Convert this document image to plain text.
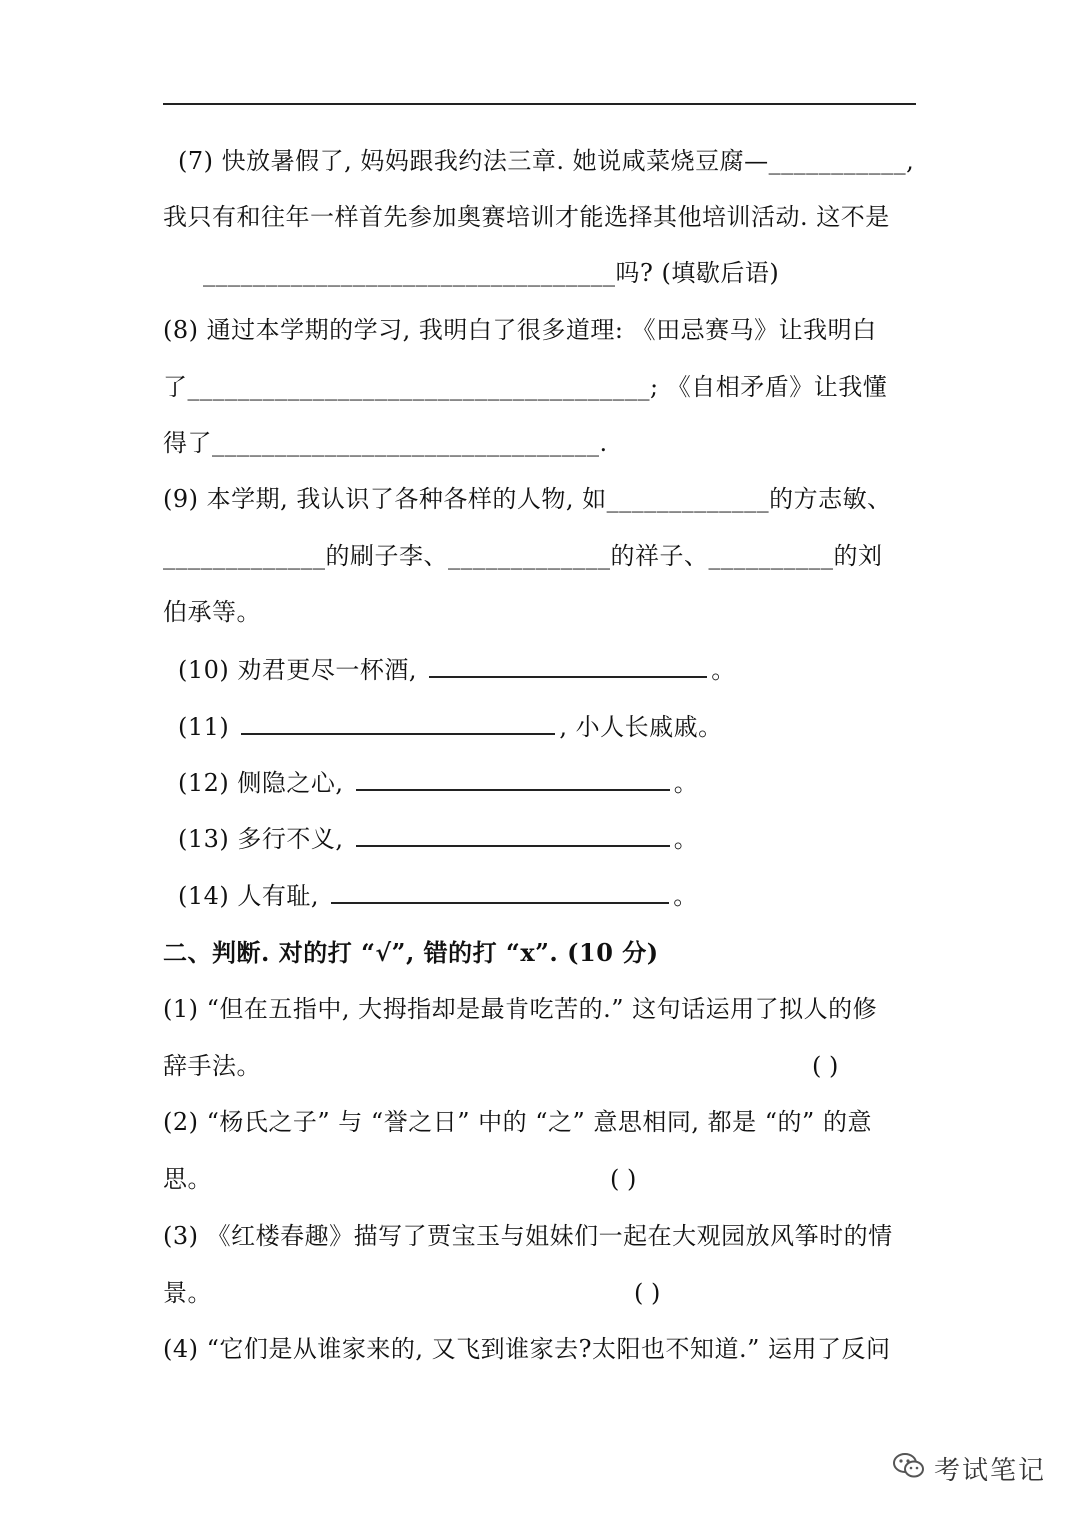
(7) 快放暑假了, 妈妈跟我约法三章. 她说咸菜烧豆腐—___________,
我只有和往年一样首先参加奥赛培训才能选择其他培训活动. 这不是
_________________________________吗? (填歇后语)
(8) 通过本学期的学习, 我明白了很多道理: 《田忌赛马》让我明白
了_____________________________________; 《自相矛盾》让我懂
得了_______________________________.
(9) 本学期, 我认识了各种各样的人物, 如_____________的方志敏、
_____________的刷子李、_____________的祥子、__________的刘
伯承等。
(10) 劝君更尽一杯酒,	。
(11)	, 小人长戚戚。
(12) 侧隐之心,	。
(13) 多行不义,	。
(14) 人有耻,	。
二、判断. 对的打 “√”, 错的打 “x”. (10 分)
(1) “但在五指中, 大拇指却是最肯吃苦的.” 这句话运用了拟人的修
辞手法。	( )
(2) “杨氏之子” 与 “誉之日” 中的 “之” 意思相同, 都是 “的” 的意
思。	( )
(3) 《红楼春趣》描写了贾宝玉与姐妹们一起在大观园放风筝时的情
景。	( )
(4) “它们是从谁家来的, 又飞到谁家去?太阳也不知道.” 运用了反问
考试笔记
